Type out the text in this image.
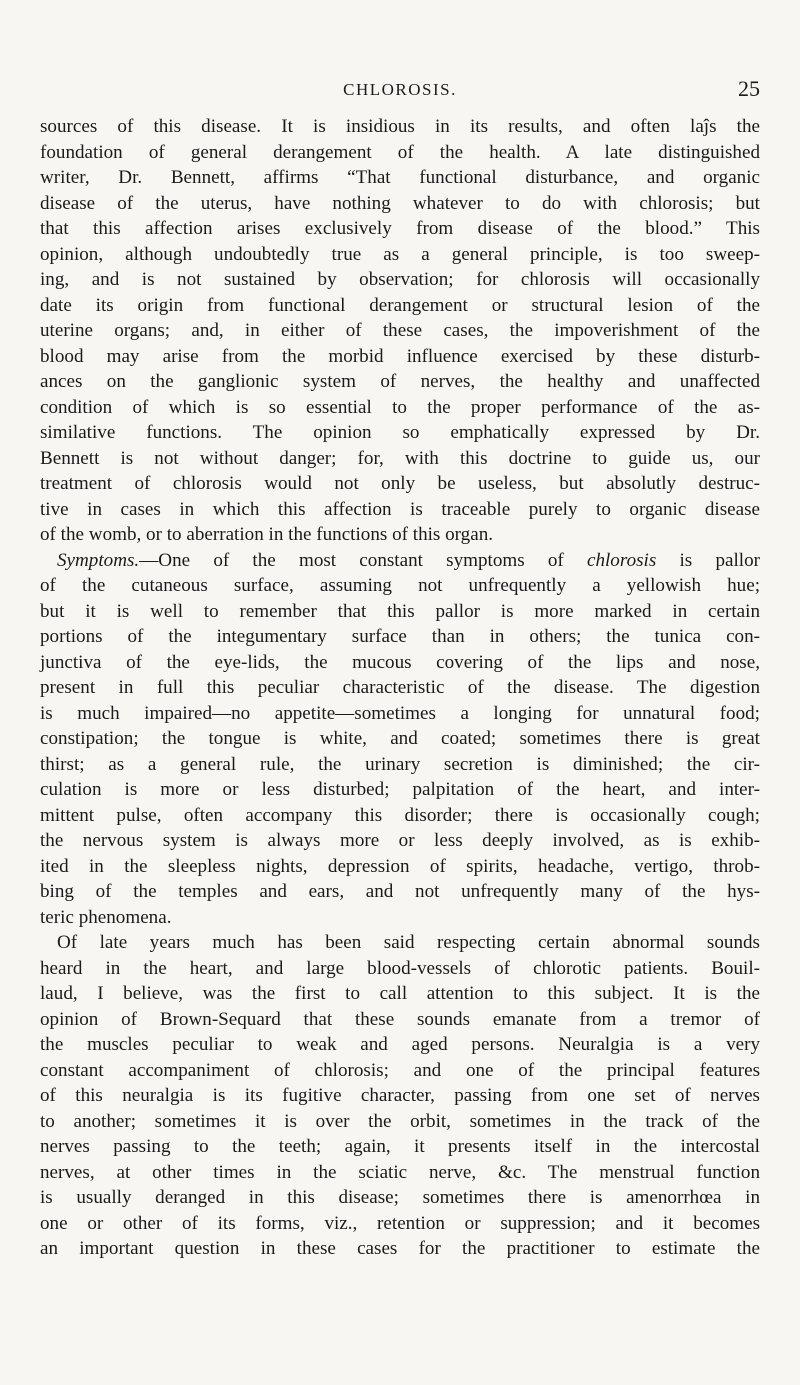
CHLOROSIS.	25
sources of this disease. It is insidious in its results, and often laĵs the
foundation of general derangement of the health. A late distinguished
writer, Dr. Bennett, affirms “That functional disturbance, and organic
disease of the uterus, have nothing whatever to do with chlorosis; but
that this affection arises exclusively from disease of the blood.” This
opinion, although undoubtedly true as a general principle, is too sweep-
ing, and is not sustained by observation; for chlorosis will occasionally
date its origin from functional derangement or structural lesion of the
uterine organs; and, in either of these cases, the impoverishment of the
blood may arise from the morbid influence exercised by these disturb-
ances on the ganglionic system of nerves, the healthy and unaffected
condition of which is so essential to the proper performance of the as-
similative functions. The opinion so emphatically expressed by Dr.
Bennett is not without danger; for, with this doctrine to guide us, our
treatment of chlorosis would not only be useless, but absolutly destruc-
tive in cases in which this affection is traceable purely to organic disease
of the womb, or to aberration in the functions of this organ.
Symptoms.—One of the most constant symptoms of chlorosis is pallor
of the cutaneous surface, assuming not unfrequently a yellowish hue;
but it is well to remember that this pallor is more marked in certain
portions of the integumentary surface than in others; the tunica con-
junctiva of the eye-lids, the mucous covering of the lips and nose,
present in full this peculiar characteristic of the disease. The digestion
is much impaired—no appetite—sometimes a longing for unnatural food;
constipation; the tongue is white, and coated; sometimes there is great
thirst; as a general rule, the urinary secretion is diminished; the cir-
culation is more or less disturbed; palpitation of the heart, and inter-
mittent pulse, often accompany this disorder; there is occasionally cough;
the nervous system is always more or less deeply involved, as is exhib-
ited in the sleepless nights, depression of spirits, headache, vertigo, throb-
bing of the temples and ears, and not unfrequently many of the hys-
teric phenomena.
Of late years much has been said respecting certain abnormal sounds
heard in the heart, and large blood-vessels of chlorotic patients. Bouil-
laud, I believe, was the first to call attention to this subject. It is the
opinion of Brown-Sequard that these sounds emanate from a tremor of
the muscles peculiar to weak and aged persons. Neuralgia is a very
constant accompaniment of chlorosis; and one of the principal features
of this neuralgia is its fugitive character, passing from one set of nerves
to another; sometimes it is over the orbit, sometimes in the track of the
nerves passing to the teeth; again, it presents itself in the intercostal
nerves, at other times in the sciatic nerve, &c. The menstrual function
is usually deranged in this disease; sometimes there is amenorrhœa in
one or other of its forms, viz., retention or suppression; and it becomes
an important question in these cases for the practitioner to estimate the
